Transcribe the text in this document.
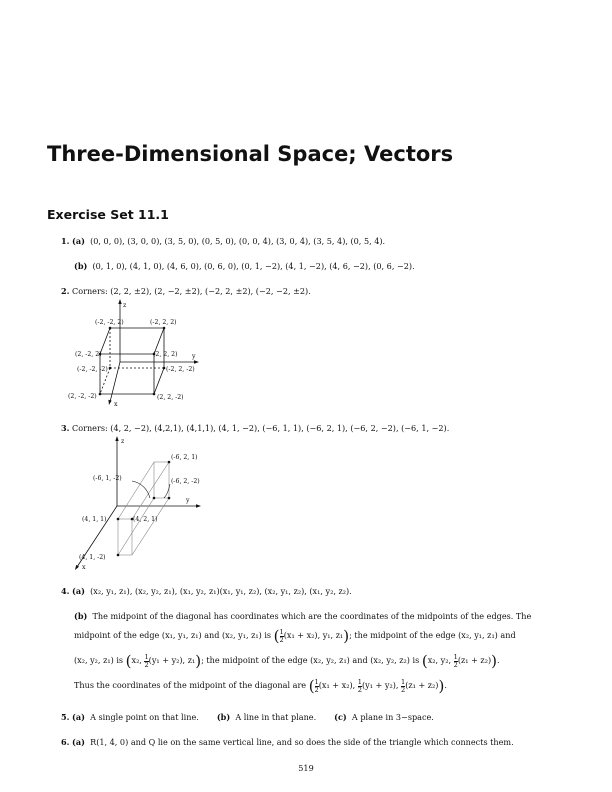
Three-Dimensional Space; Vectors
Exercise Set 11.1
1. (a) (0, 0, 0), (3, 0, 0), (3, 5, 0), (0, 5, 0), (0, 0, 4), (3, 0, 4), (3, 5, 4), (0, 5, 4).
(b) (0, 1, 0), (4, 1, 0), (4, 6, 0), (0, 6, 0), (0, 1, −2), (4, 1, −2), (4, 6, −2), (0, 6, −2).
2. Corners: (2, 2, ±2), (2, −2, ±2), (−2, 2, ±2), (−2, −2, ±2).
z
y
x
(-2, -2, 2)	(-2, 2, 2)
(2, -2, 2)	(2, 2, 2)
(-2, -2, -2)	(-2, 2, -2)
(2, -2, -2)	(2, 2, -2)
3. Corners: (4, 2, −2), (4,2,1), (4,1,1), (4, 1, −2), (−6, 1, 1), (−6, 2, 1), (−6, 2, −2), (−6, 1, −2).
z
y
x
(-6, 2, 1)
(-6, 1, -2)	(-6, 2, -2)
(4, 1, 1)	(4, 2, 1)
(4, 1, -2)
4. (a) (x₂, y₁, z₁), (x₂, y₂, z₁), (x₁, y₂, z₁)(x₁, y₁, z₂), (x₂, y₁, z₂), (x₁, y₂, z₂).
(b) The midpoint of the diagonal has coordinates which are the coordinates of the midpoints of the edges. The
midpoint of the edge (x₁, y₁, z₁) and (x₂, y₁, z₁) is ( $\frac{1}{2} (x_1 + x_2)$, y₁, z₁); the midpoint of the edge (x₂, y₁, z₁) and
(x₂, y₂, z₁) is (x₂, $\frac{1}{2} (y_1 + y_2)$, z₁); the midpoint of the edge (x₂, y₂, z₁) and (x₂, y₂, z₂) is (x₂, y₂, $\frac{1}{2} (z_1 + z_2)$).
Thus the coordinates of the midpoint of the diagonal are ( $\frac{1}{2} (x_1 + x_2)$, $\frac{1}{2} (y_1 + y_2)$, $\frac{1}{2} (z_1 + z_2)$).
5. (a) A single point on that line. (b) A line in that plane. (c) A plane in 3−space.
6. (a) R(1, 4, 0) and Q lie on the same vertical line, and so does the side of the triangle which connects them.
519
